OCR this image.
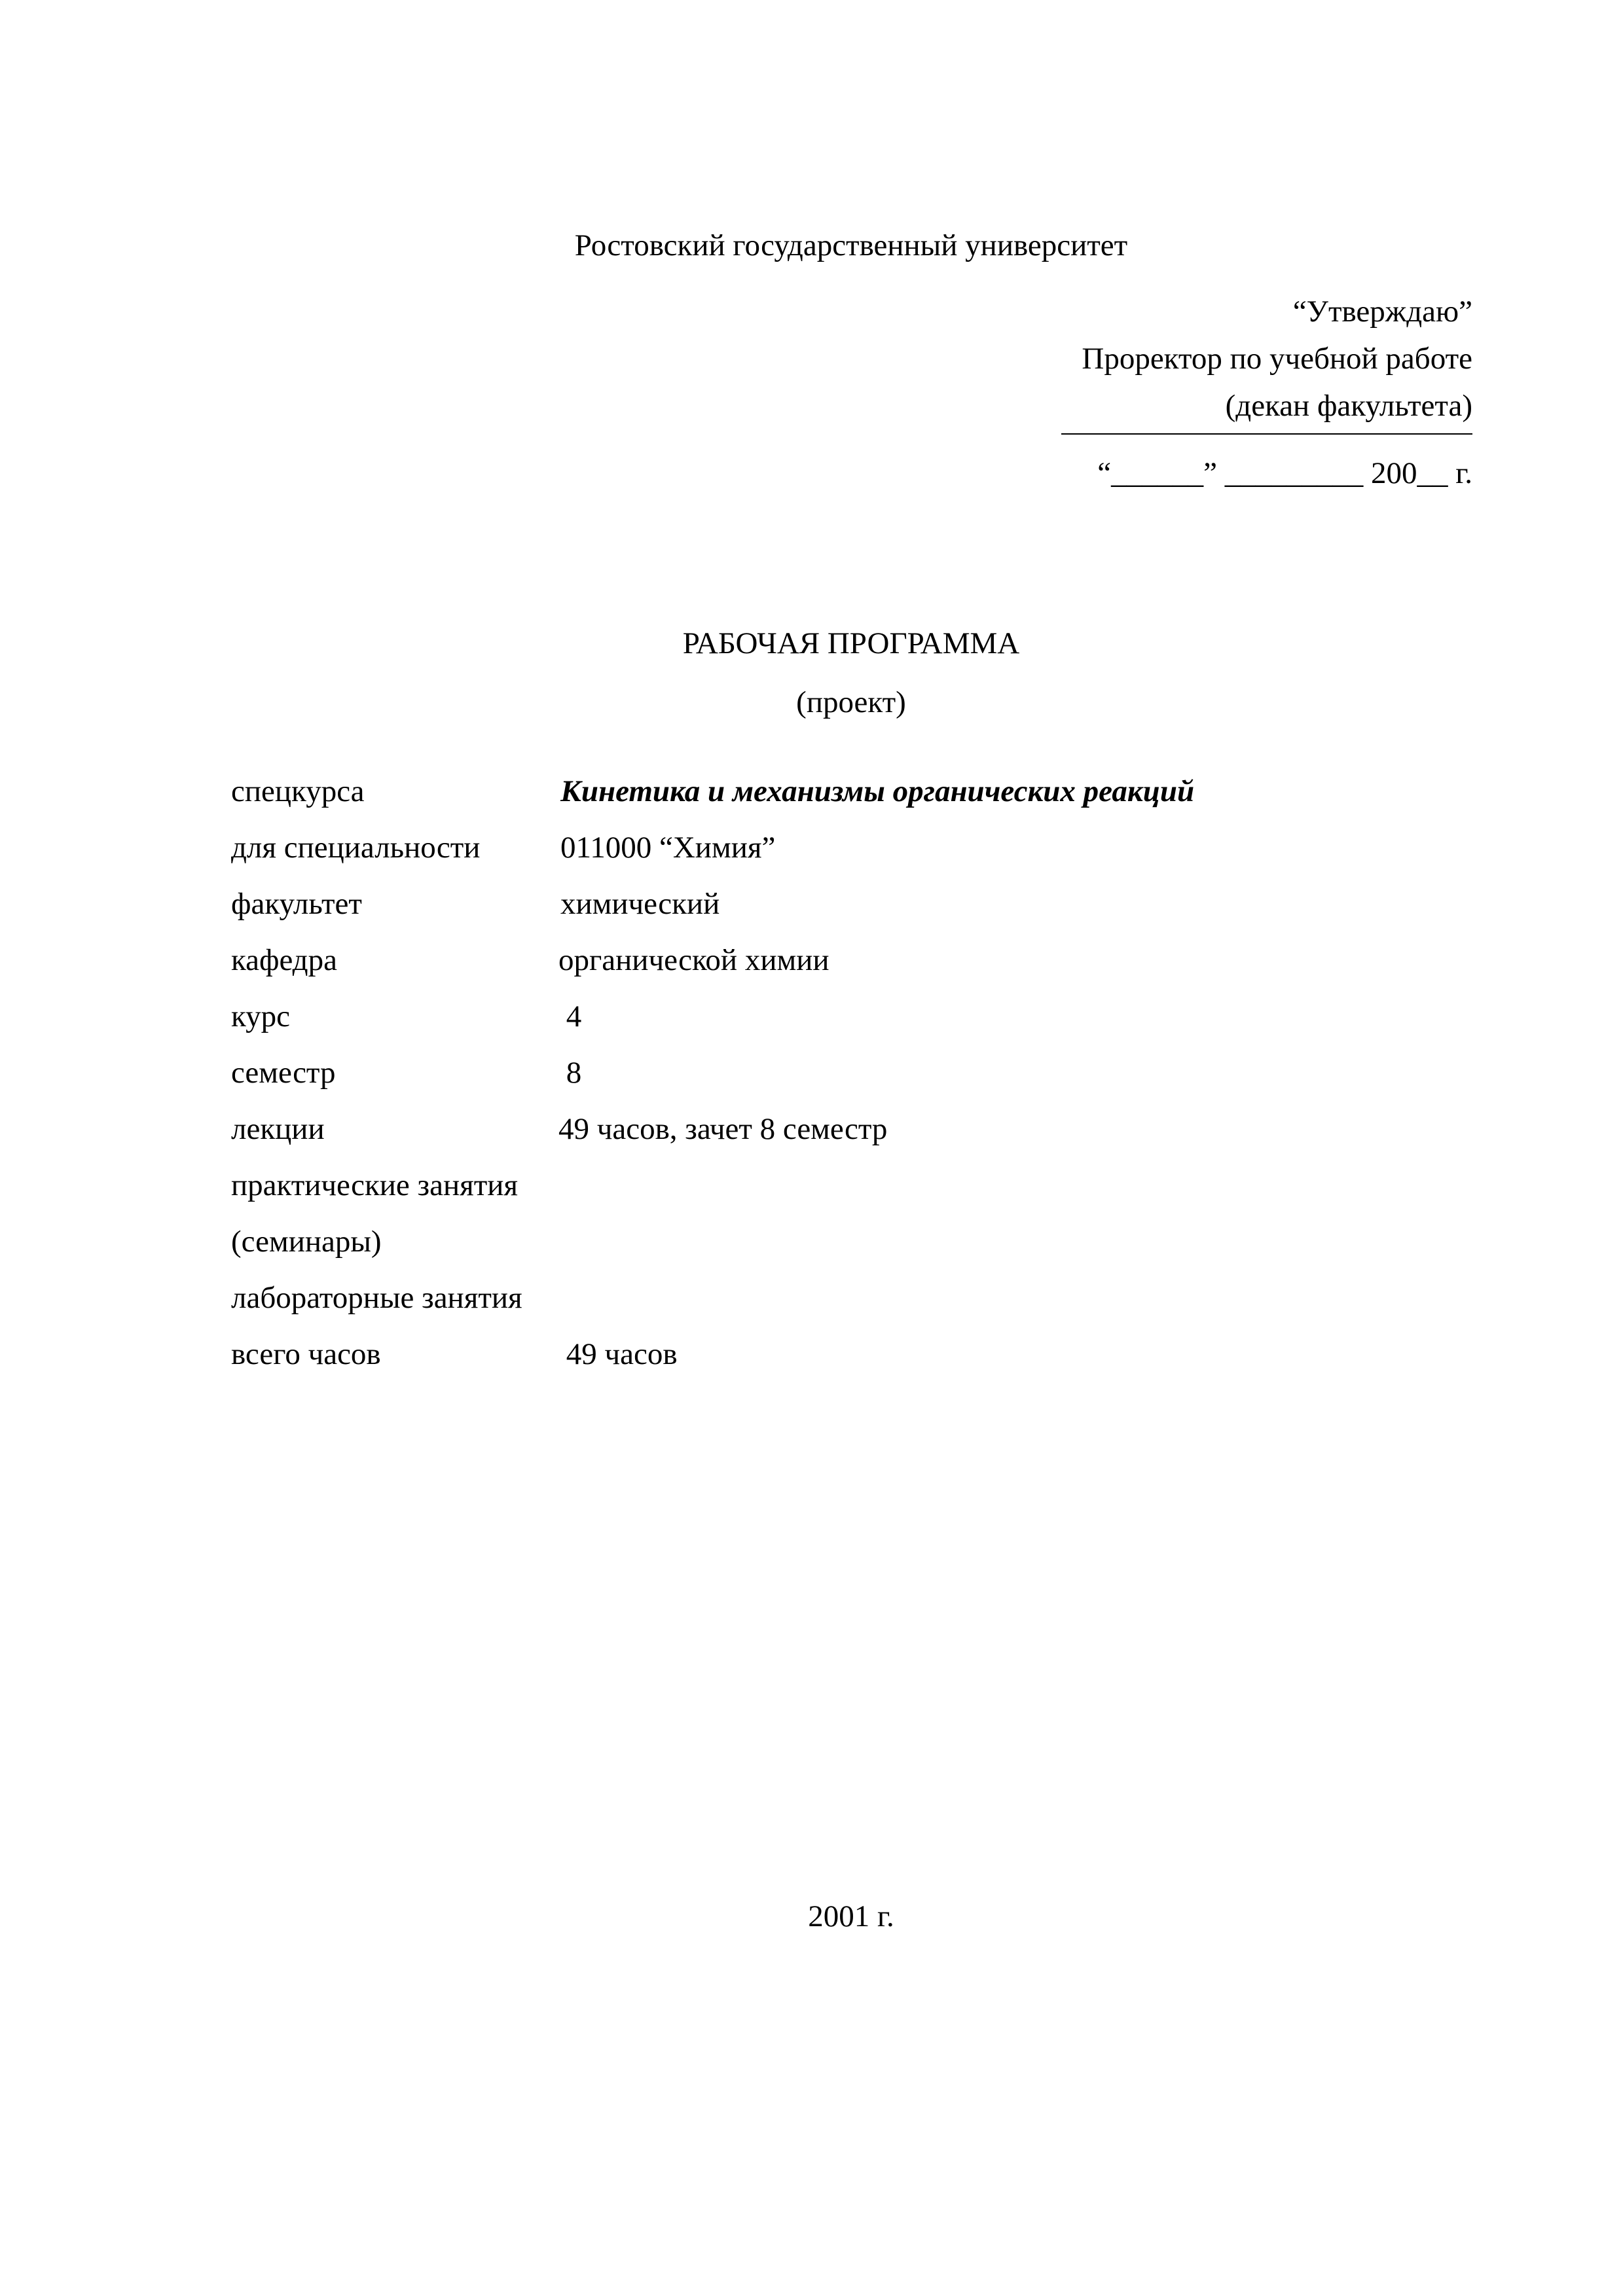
Ростовский государственный университет
“Утверждаю”
Проректор по учебной работе
(декан факультета)
“______” _________ 200__ г.
РАБОЧАЯ ПРОГРАММА
(проект)
спецкурса	Кинетика и механизмы органических реакций
для специальности	011000 “Химия”
факультет	химический
кафедра	органической химии
курс	4
семестр	8
лекции	49 часов, зачет 8 семестр
практические занятия
(семинары)
лабораторные занятия
всего часов	49 часов
2001 г.
